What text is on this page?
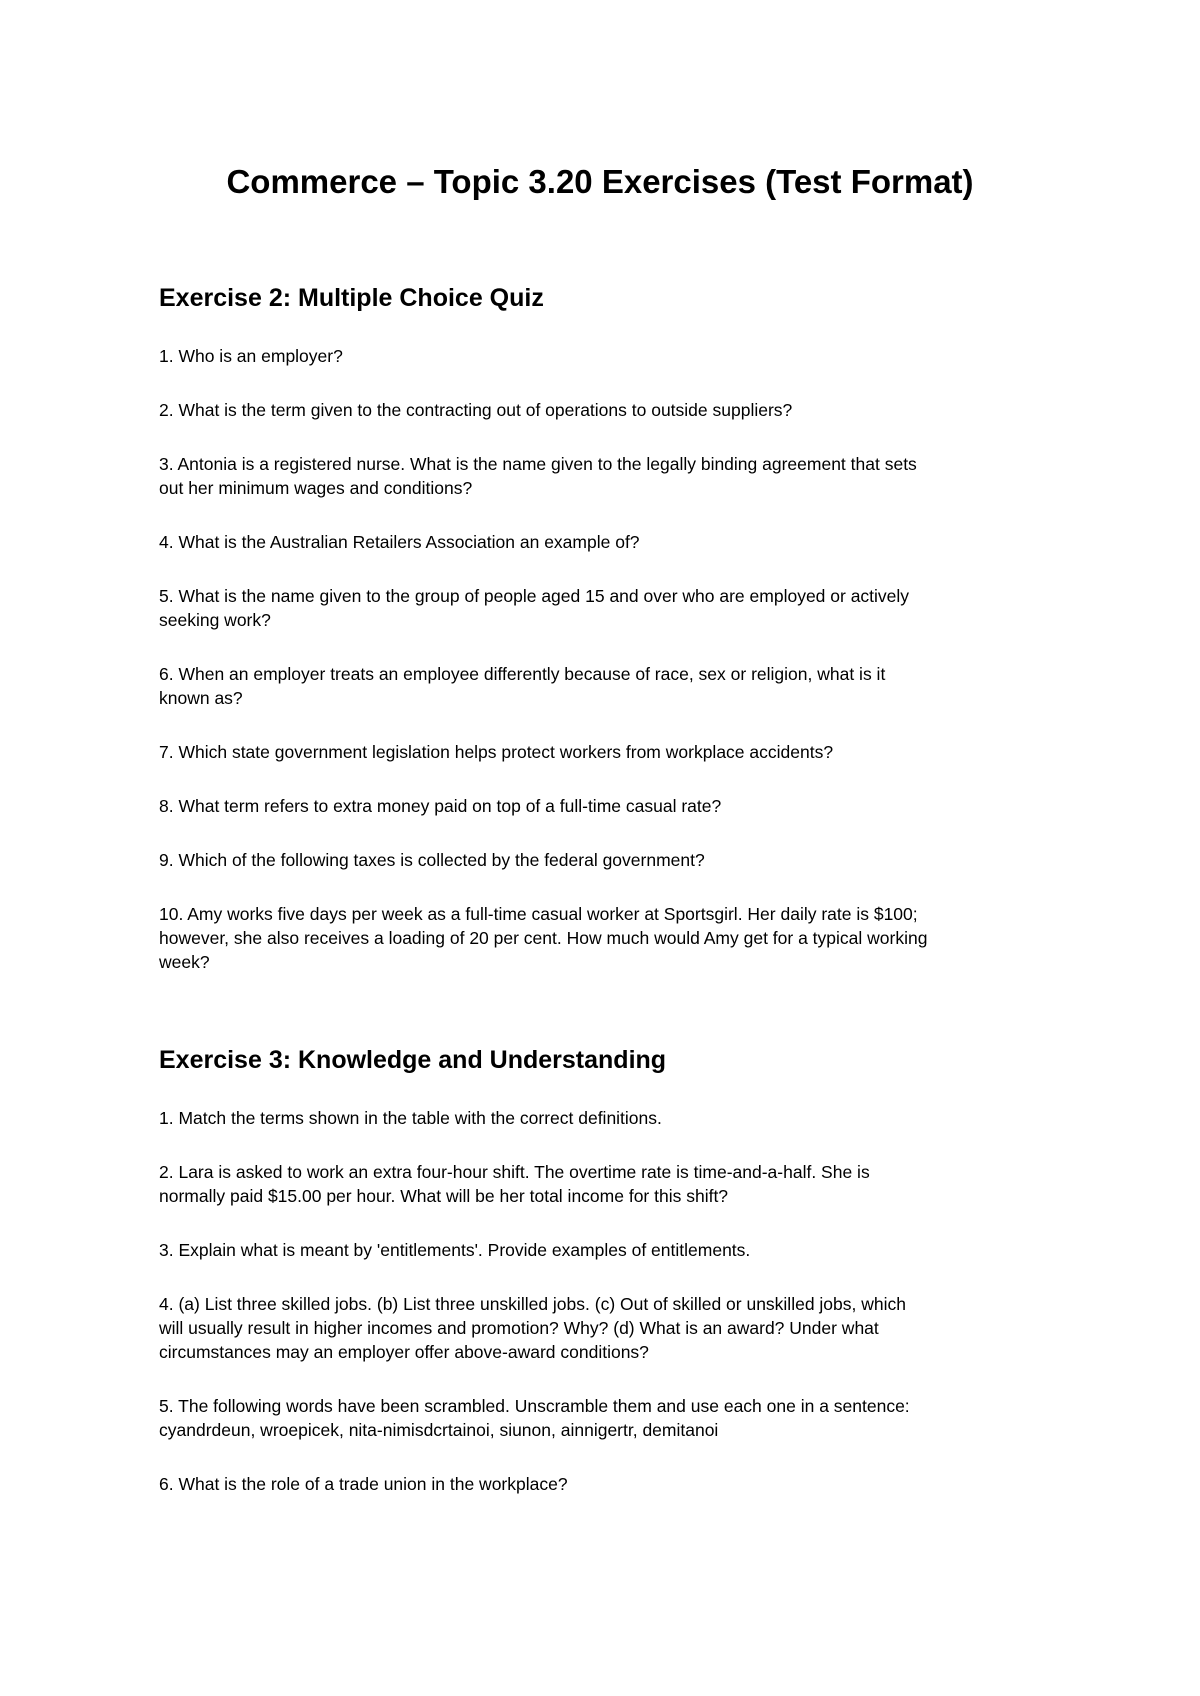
Commerce – Topic 3.20 Exercises (Test Format)
Exercise 2: Multiple Choice Quiz

1. Who is an employer?

2. What is the term given to the contracting out of operations to outside suppliers?

3. Antonia is a registered nurse. What is the name given to the legally binding agreement that sets
out her minimum wages and conditions?

4. What is the Australian Retailers Association an example of?

5. What is the name given to the group of people aged 15 and over who are employed or actively
seeking work?

6. When an employer treats an employee differently because of race, sex or religion, what is it
known as?

7. Which state government legislation helps protect workers from workplace accidents?

8. What term refers to extra money paid on top of a full-time casual rate?

9. Which of the following taxes is collected by the federal government?

10. Amy works five days per week as a full-time casual worker at Sportsgirl. Her daily rate is $100;
however, she also receives a loading of 20 per cent. How much would Amy get for a typical working
week?

Exercise 3: Knowledge and Understanding

1. Match the terms shown in the table with the correct definitions.

2. Lara is asked to work an extra four-hour shift. The overtime rate is time-and-a-half. She is
normally paid $15.00 per hour. What will be her total income for this shift?

3. Explain what is meant by 'entitlements'. Provide examples of entitlements.

4. (a) List three skilled jobs. (b) List three unskilled jobs. (c) Out of skilled or unskilled jobs, which
will usually result in higher incomes and promotion? Why? (d) What is an award? Under what
circumstances may an employer offer above-award conditions?

5. The following words have been scrambled. Unscramble them and use each one in a sentence:
cyandrdeun, wroepicek, nita-nimisdcrtainoi, siunon, ainnigertr, demitanoi

6. What is the role of a trade union in the workplace?
